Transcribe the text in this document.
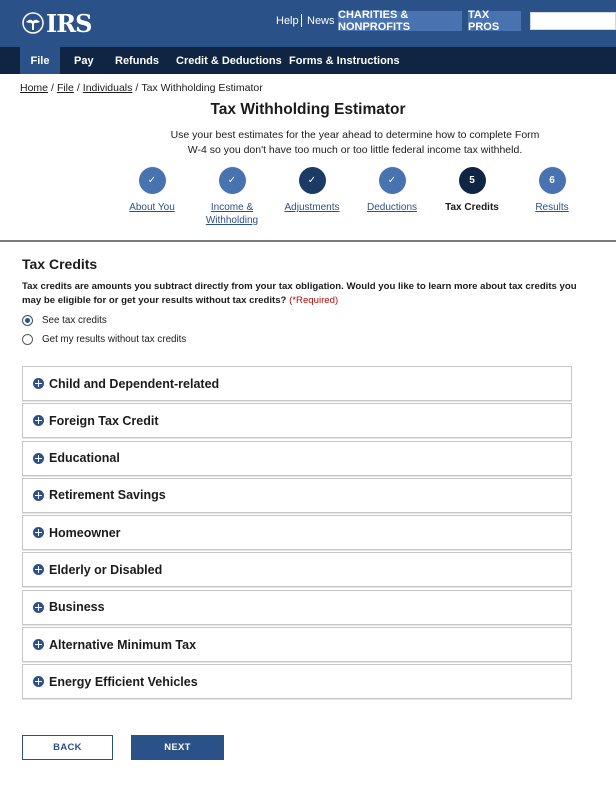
IRS	Help News CHARITIES & NONPROFITS
TAX PROS
File	Pay Refunds Credit & Deductions Forms & Instructions
Home / File / Individuals / Tax Withholding Estimator
Tax Withholding Estimator
Use your best estimates for the year ahead to determine how to complete Form W-4 so you don't have too much or too little federal income tax withheld.
✓
About You
✓
Income & Withholding
✓
Adjustments
✓
Deductions
5
Tax Credits
6
Results
Tax Credits
Tax credits are amounts you subtract directly from your tax obligation. Would you like to learn more about tax credits you may be eligible for or get your results without tax credits? (*Required)
See tax credits
Get my results without tax credits
Child and Dependent-related
Foreign Tax Credit
Educational
Retirement Savings
Homeowner
Elderly or Disabled
Business
Alternative Minimum Tax
Energy Efficient Vehicles
BACK	NEXT
